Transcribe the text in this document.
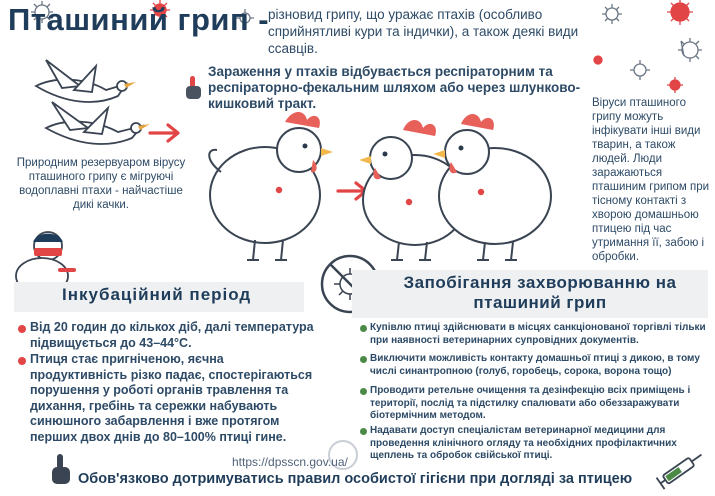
Пташиний грип -
різновид грипу, що уражає птахів (особливо сприйнятливі кури та індички), а також деякі види ссавців.
Зараження у птахів відбувається респіраторним та респіраторно-фекальним шляхом або через шлунково-кишковий тракт.
Природним резервуаром вірусу пташиного грипу є мігруючі водоплавні птахи - найчастіше дикі качки.
Віруси пташиного грипу можуть інфікувати інші види тварин, а також людей. Люди заражаються пташиним грипом при тісному контакті з хворою домашньою птицею під час утримання її, забою і обробки.
Інкубаційний період
Від 20 годин до кількох діб, далі температура підвищується до 43–44°С.
Птиця стає пригніченою, яєчна продуктивність різко падає, спостерігаються порушення у роботі органів травлення та дихання, гребінь та сережки набувають синюшного забарвлення і вже протягом перших двох днів до 80–100% птиці гине.
Запобігання захворюванню на
пташиний грип
Купівлю птиці здійснювати в місцях санкціонованої торгівлі тільки при наявності ветеринарних супровідних документів.
Виключити можливість контакту домашньої птиці з дикою, в тому числі синантропною (голуб, горобець, сорока, ворона тощо)
Проводити ретельне очищення та дезінфекцію всіх приміщень і території, послід та підстилку спалювати або обеззаражувати біотермічним методом.
Надавати доступ спеціалістам ветеринарної медицини для проведення клінічного огляду та необхідних профілактичних щеплень та обробок свійської птиці.
https://dpsscn.gov.ua/
Обов'язково дотримуватись правил особистої гігієни при догляді за птицею
